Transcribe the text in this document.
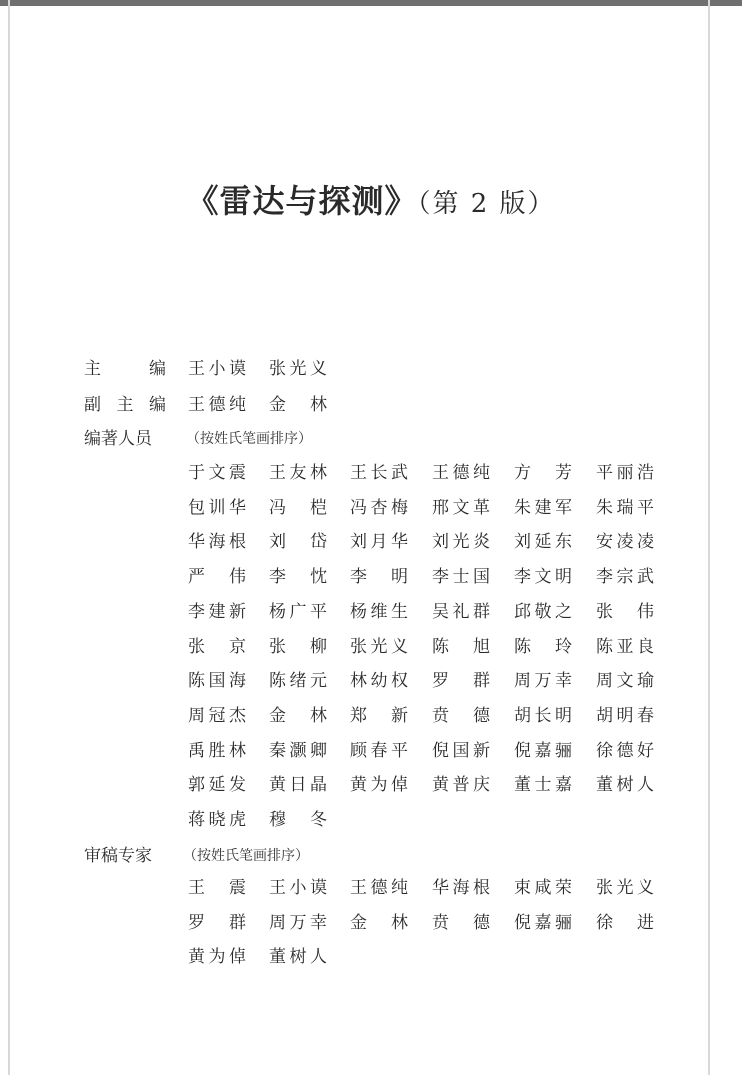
《雷达与探测》（第 2 版）
主	编 王 小 谟 张 光 义
副 主 编 王 德 纯 金 林
编 著 人 员 （按姓氏笔画排序）
于 文 震 王 友 林 王 长 武 王 德 纯 方 芳 平 丽 浩
包 训 华 冯 桤 冯 杏 梅 邢 文 革 朱 建 军 朱 瑞 平
华 海 根 刘 岱 刘 月 华 刘 光 炎 刘 延 东 安 凌 凌
严 伟 李 忱 李 明 李 士 国 李 文 明 李 宗 武
李 建 新 杨 广 平 杨 维 生 吴 礼 群 邱 敬 之 张 伟
张 京 张 柳 张 光 义 陈 旭 陈 玲 陈 亚 良
陈 国 海 陈 绪 元 林 幼 权 罗 群 周 万 幸 周 文 瑜
周 冠 杰 金 林 郑 新 贲 德 胡 长 明 胡 明 春
禹 胜 林 秦 灏 卿 顾 春 平 倪 国 新 倪 嘉 骊 徐 德 好
郭 延 发 黄 日 晶 黄 为 倬 黄 普 庆 董 士 嘉 董 树 人
蒋 晓 虎 穆 冬
审 稿 专 家 （按姓氏笔画排序）
王 震 王 小 谟 王 德 纯 华 海 根 束 咸 荣 张 光 义
罗 群 周 万 幸 金 林 贲 德 倪 嘉 骊 徐 进
黄 为 倬 董 树 人
